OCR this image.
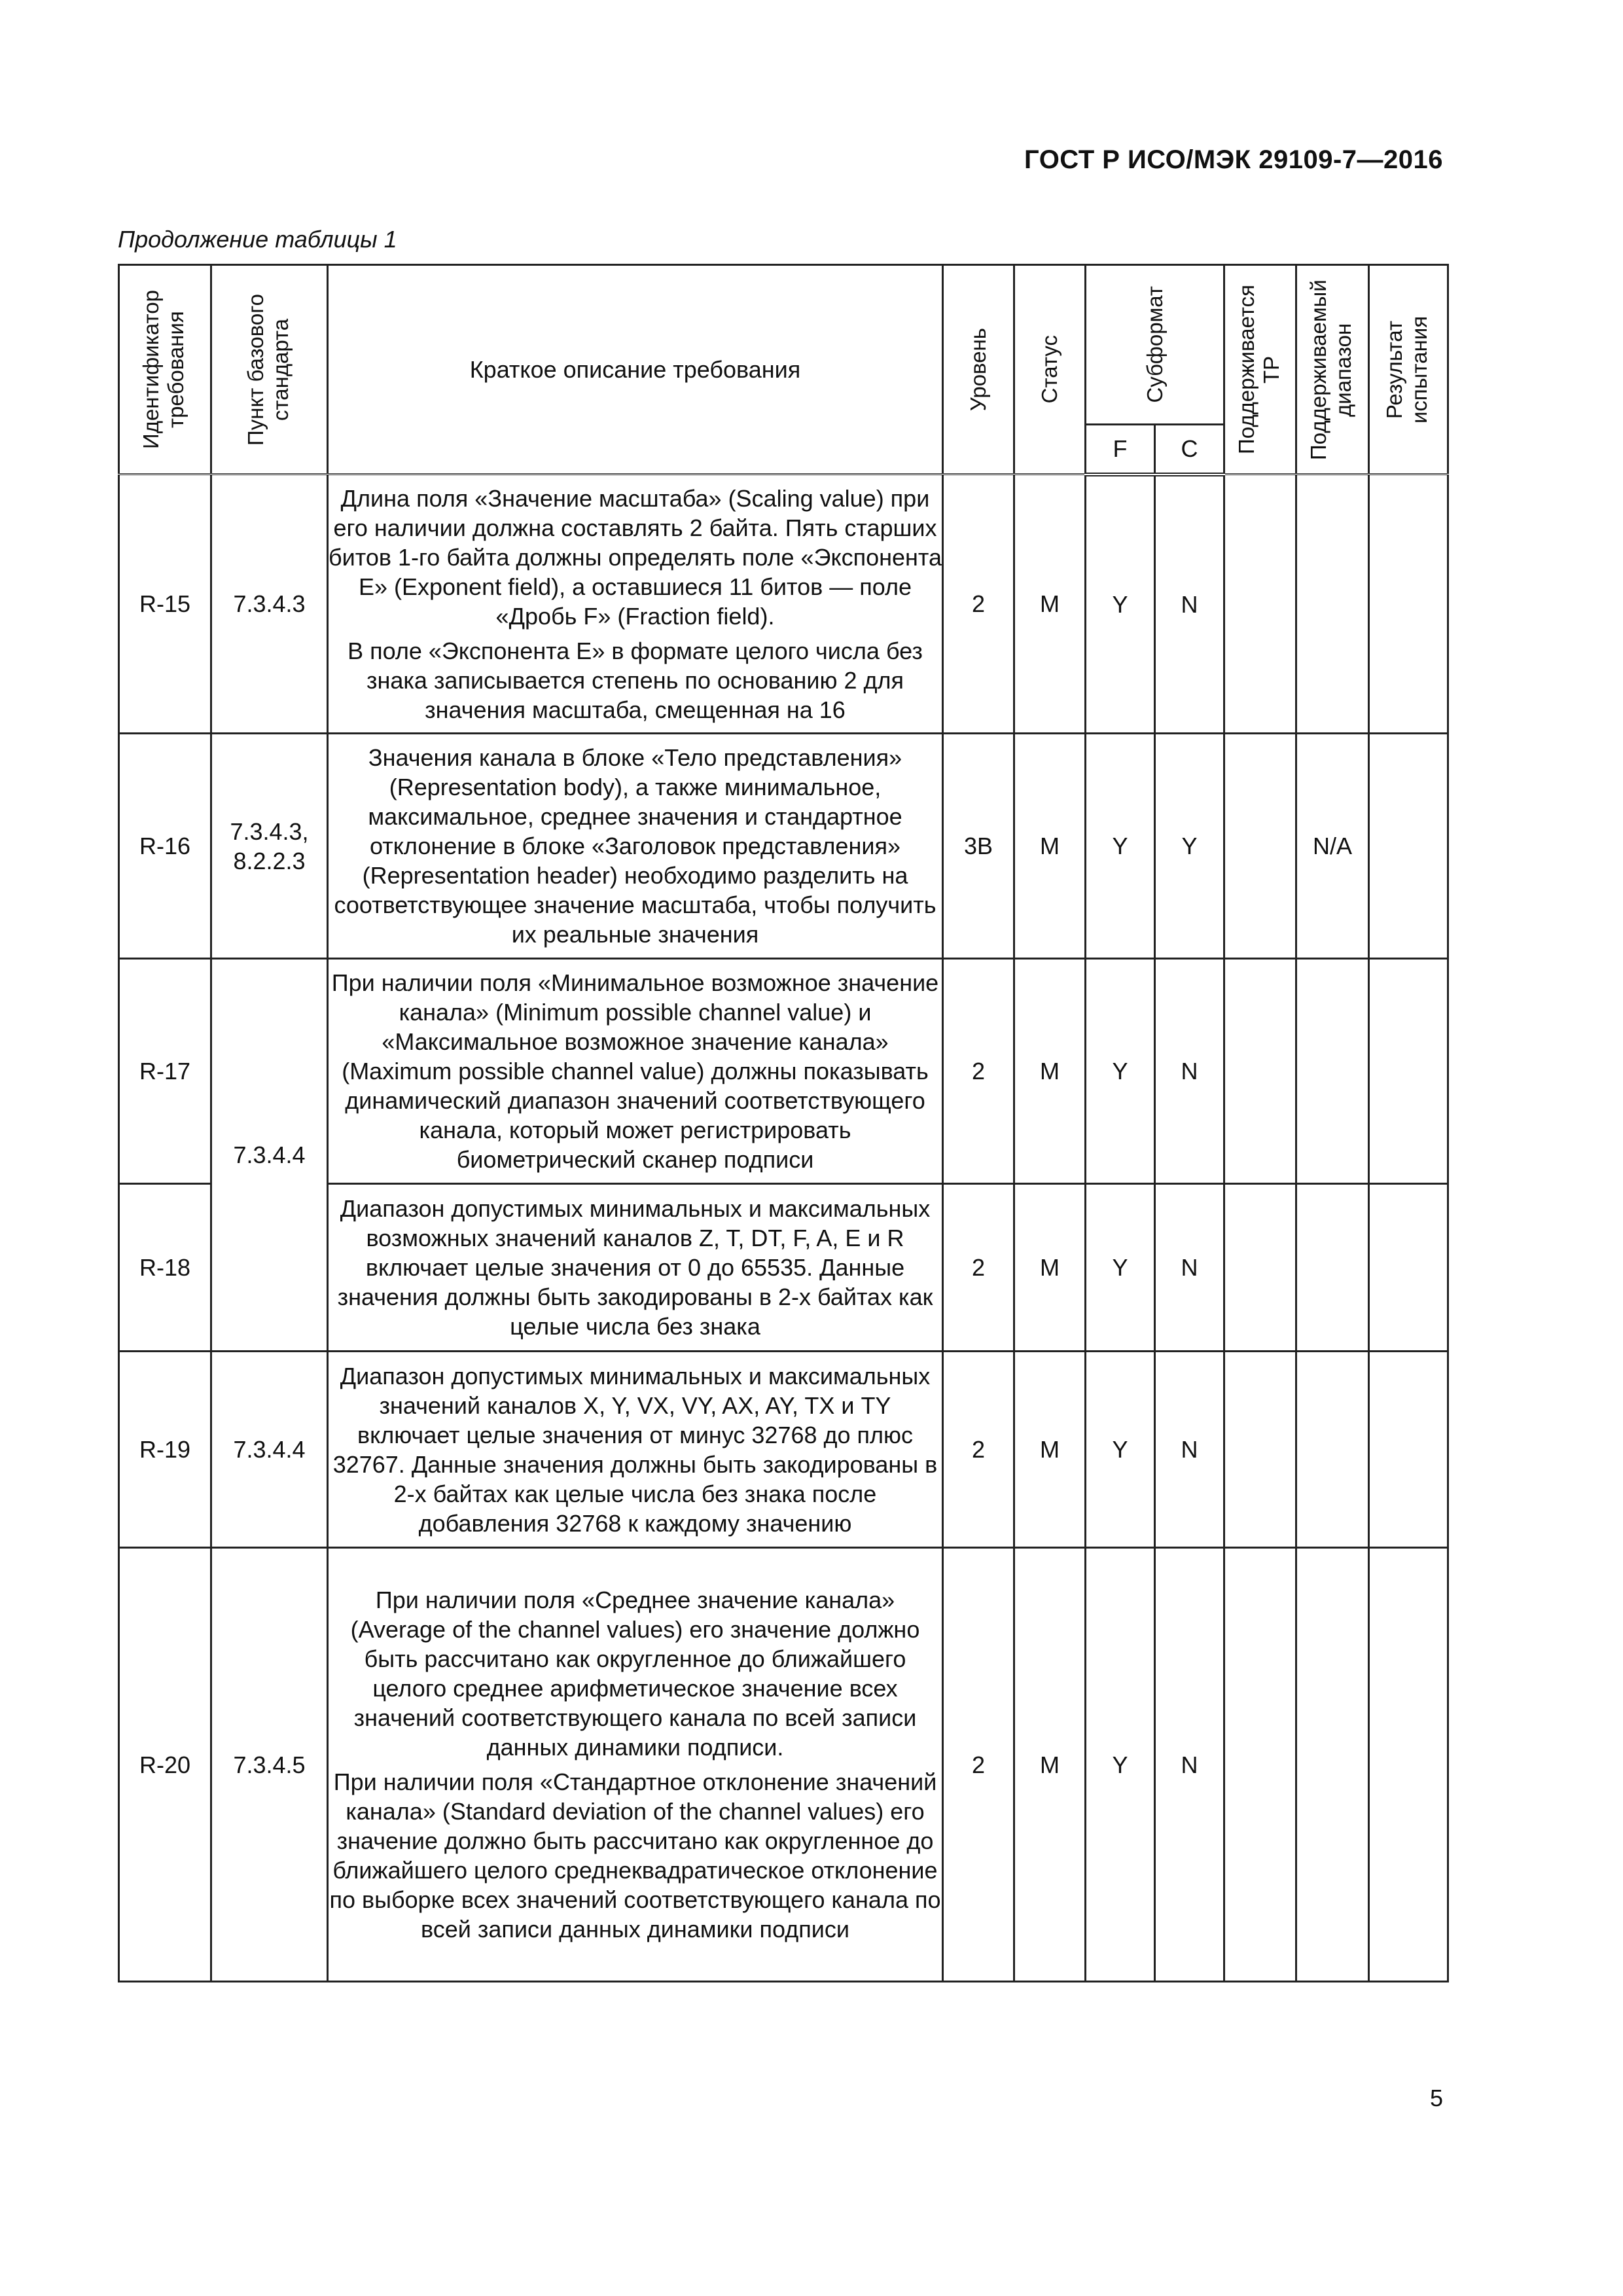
ГОСТ Р ИСО/МЭК 29109-7—2016
Продолжение таблицы 1
Идентификатор требования	Пункт базового стандарта	Краткое описание требования	Уровень	Статус	Субформат		Поддерживается ТР	Поддерживаемый диапазон	Результат испытания

					F	C			
R-15	7.3.4.3	Длина поля «Значение масштаба» (Scaling value) при его наличии должна составлять 2 байта. Пять старших битов 1-го байта должны определять поле «Экспонента E» (Exponent field), а оставшиеся 11 битов — поле «Дробь F» (Fraction field).

В поле «Экспонента E» в формате целого числа без знака записывается степень по основанию 2 для значения масштаба, смещенная на 16	2	M	Y	N			
R-16	7.3.4.3, 8.2.2.3	Значения канала в блоке «Тело представления» (Representation body), а также минимальное, максимальное, среднее значения и стандартное отклонение в блоке «Заголовок представления» (Representation header) необходимо разделить на соответствующее значение масштаба, чтобы получить их реальные значения	3B	M	Y	Y		N/A	
R-17	7.3.4.4	При наличии поля «Минимальное возможное значение канала» (Minimum possible channel value) и «Максимальное возможное значение канала» (Maximum possible channel value) должны показывать динамический диапазон значений соответствующего канала, который может регистрировать биометрический сканер подписи	2	M	Y	N			
R-18		Диапазон допустимых минимальных и максимальных возможных значений каналов Z, T, DT, F, A, E и R включает целые значения от 0 до 65535. Данные значения должны быть закодированы в 2-х байтах как целые числа без знака	2	M	Y	N			
R-19	7.3.4.4	Диапазон допустимых минимальных и максимальных значений каналов X, Y, VX, VY, AX, AY, TX и TY включает целые значения от минус 32768 до плюс 32767. Данные значения должны быть закодированы в 2-х байтах как целые числа без знака после добавления 32768 к каждому значению	2	M	Y	N			
R-20	7.3.4.5	При наличии поля «Среднее значение канала» (Average of the channel values) его значение должно быть рассчитано как округленное до ближайшего целого среднее арифметическое значение всех значений соответствующего канала по всей записи данных динамики подписи.

При наличии поля «Стандартное отклонение значений канала» (Standard deviation of the channel values) его значение должно быть рассчитано как округленное до ближайшего целого среднеквадратическое отклонение по выборке всех значений соответствующего канала по всей записи данных динамики подписи	2	M	Y	N			
5
